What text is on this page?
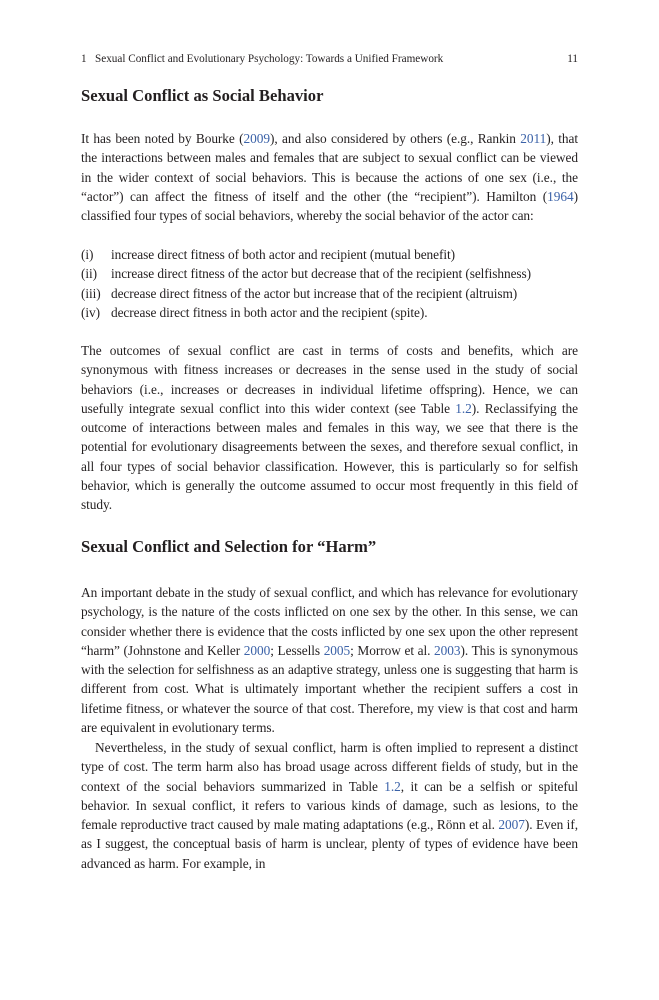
1 Sexual Conflict and Evolutionary Psychology: Towards a Unified Framework	11
Sexual Conflict as Social Behavior

It has been noted by Bourke (2009), and also considered by others (e.g., Rankin 2011), that the interactions between males and females that are subject to sexual conflict can be viewed in the wider context of social behaviors. This is because the actions of one sex (i.e., the “actor”) can affect the fitness of itself and the other (the “recipient”). Hamilton (1964) classified four types of social behaviors, whereby the social behavior of the actor can:

(i) increase direct fitness of both actor and recipient (mutual benefit)
(ii) increase direct fitness of the actor but decrease that of the recipient (selfishness)
(iii) decrease direct fitness of the actor but increase that of the recipient (altruism)
(iv) decrease direct fitness in both actor and the recipient (spite).

The outcomes of sexual conflict are cast in terms of costs and benefits, which are synonymous with fitness increases or decreases in the sense used in the study of social behaviors (i.e., increases or decreases in individual lifetime offspring). Hence, we can usefully integrate sexual conflict into this wider context (see Table 1.2). Reclassifying the outcome of interactions between males and females in this way, we see that there is the potential for evolutionary disagreements between the sexes, and therefore sexual conflict, in all four types of social behavior classification. However, this is particularly so for selfish behavior, which is generally the outcome assumed to occur most frequently in this field of study.

Sexual Conflict and Selection for “Harm”

An important debate in the study of sexual conflict, and which has relevance for evolutionary psychology, is the nature of the costs inflicted on one sex by the other. In this sense, we can consider whether there is evidence that the costs inflicted by one sex upon the other represent “harm” (Johnstone and Keller 2000; Lessells 2005; Morrow et al. 2003). This is synonymous with the selection for selfishness as an adaptive strategy, unless one is suggesting that harm is different from cost. What is ultimately important whether the recipient suffers a cost in lifetime fitness, or whatever the source of that cost. Therefore, my view is that cost and harm are equivalent in evolutionary terms.

Nevertheless, in the study of sexual conflict, harm is often implied to represent a distinct type of cost. The term harm also has broad usage across different fields of study, but in the context of the social behaviors summarized in Table 1.2, it can be a selfish or spiteful behavior. In sexual conflict, it refers to various kinds of damage, such as lesions, to the female reproductive tract caused by male mating adaptations (e.g., Rönn et al. 2007). Even if, as I suggest, the conceptual basis of harm is unclear, plenty of types of evidence have been advanced as harm. For example, in
